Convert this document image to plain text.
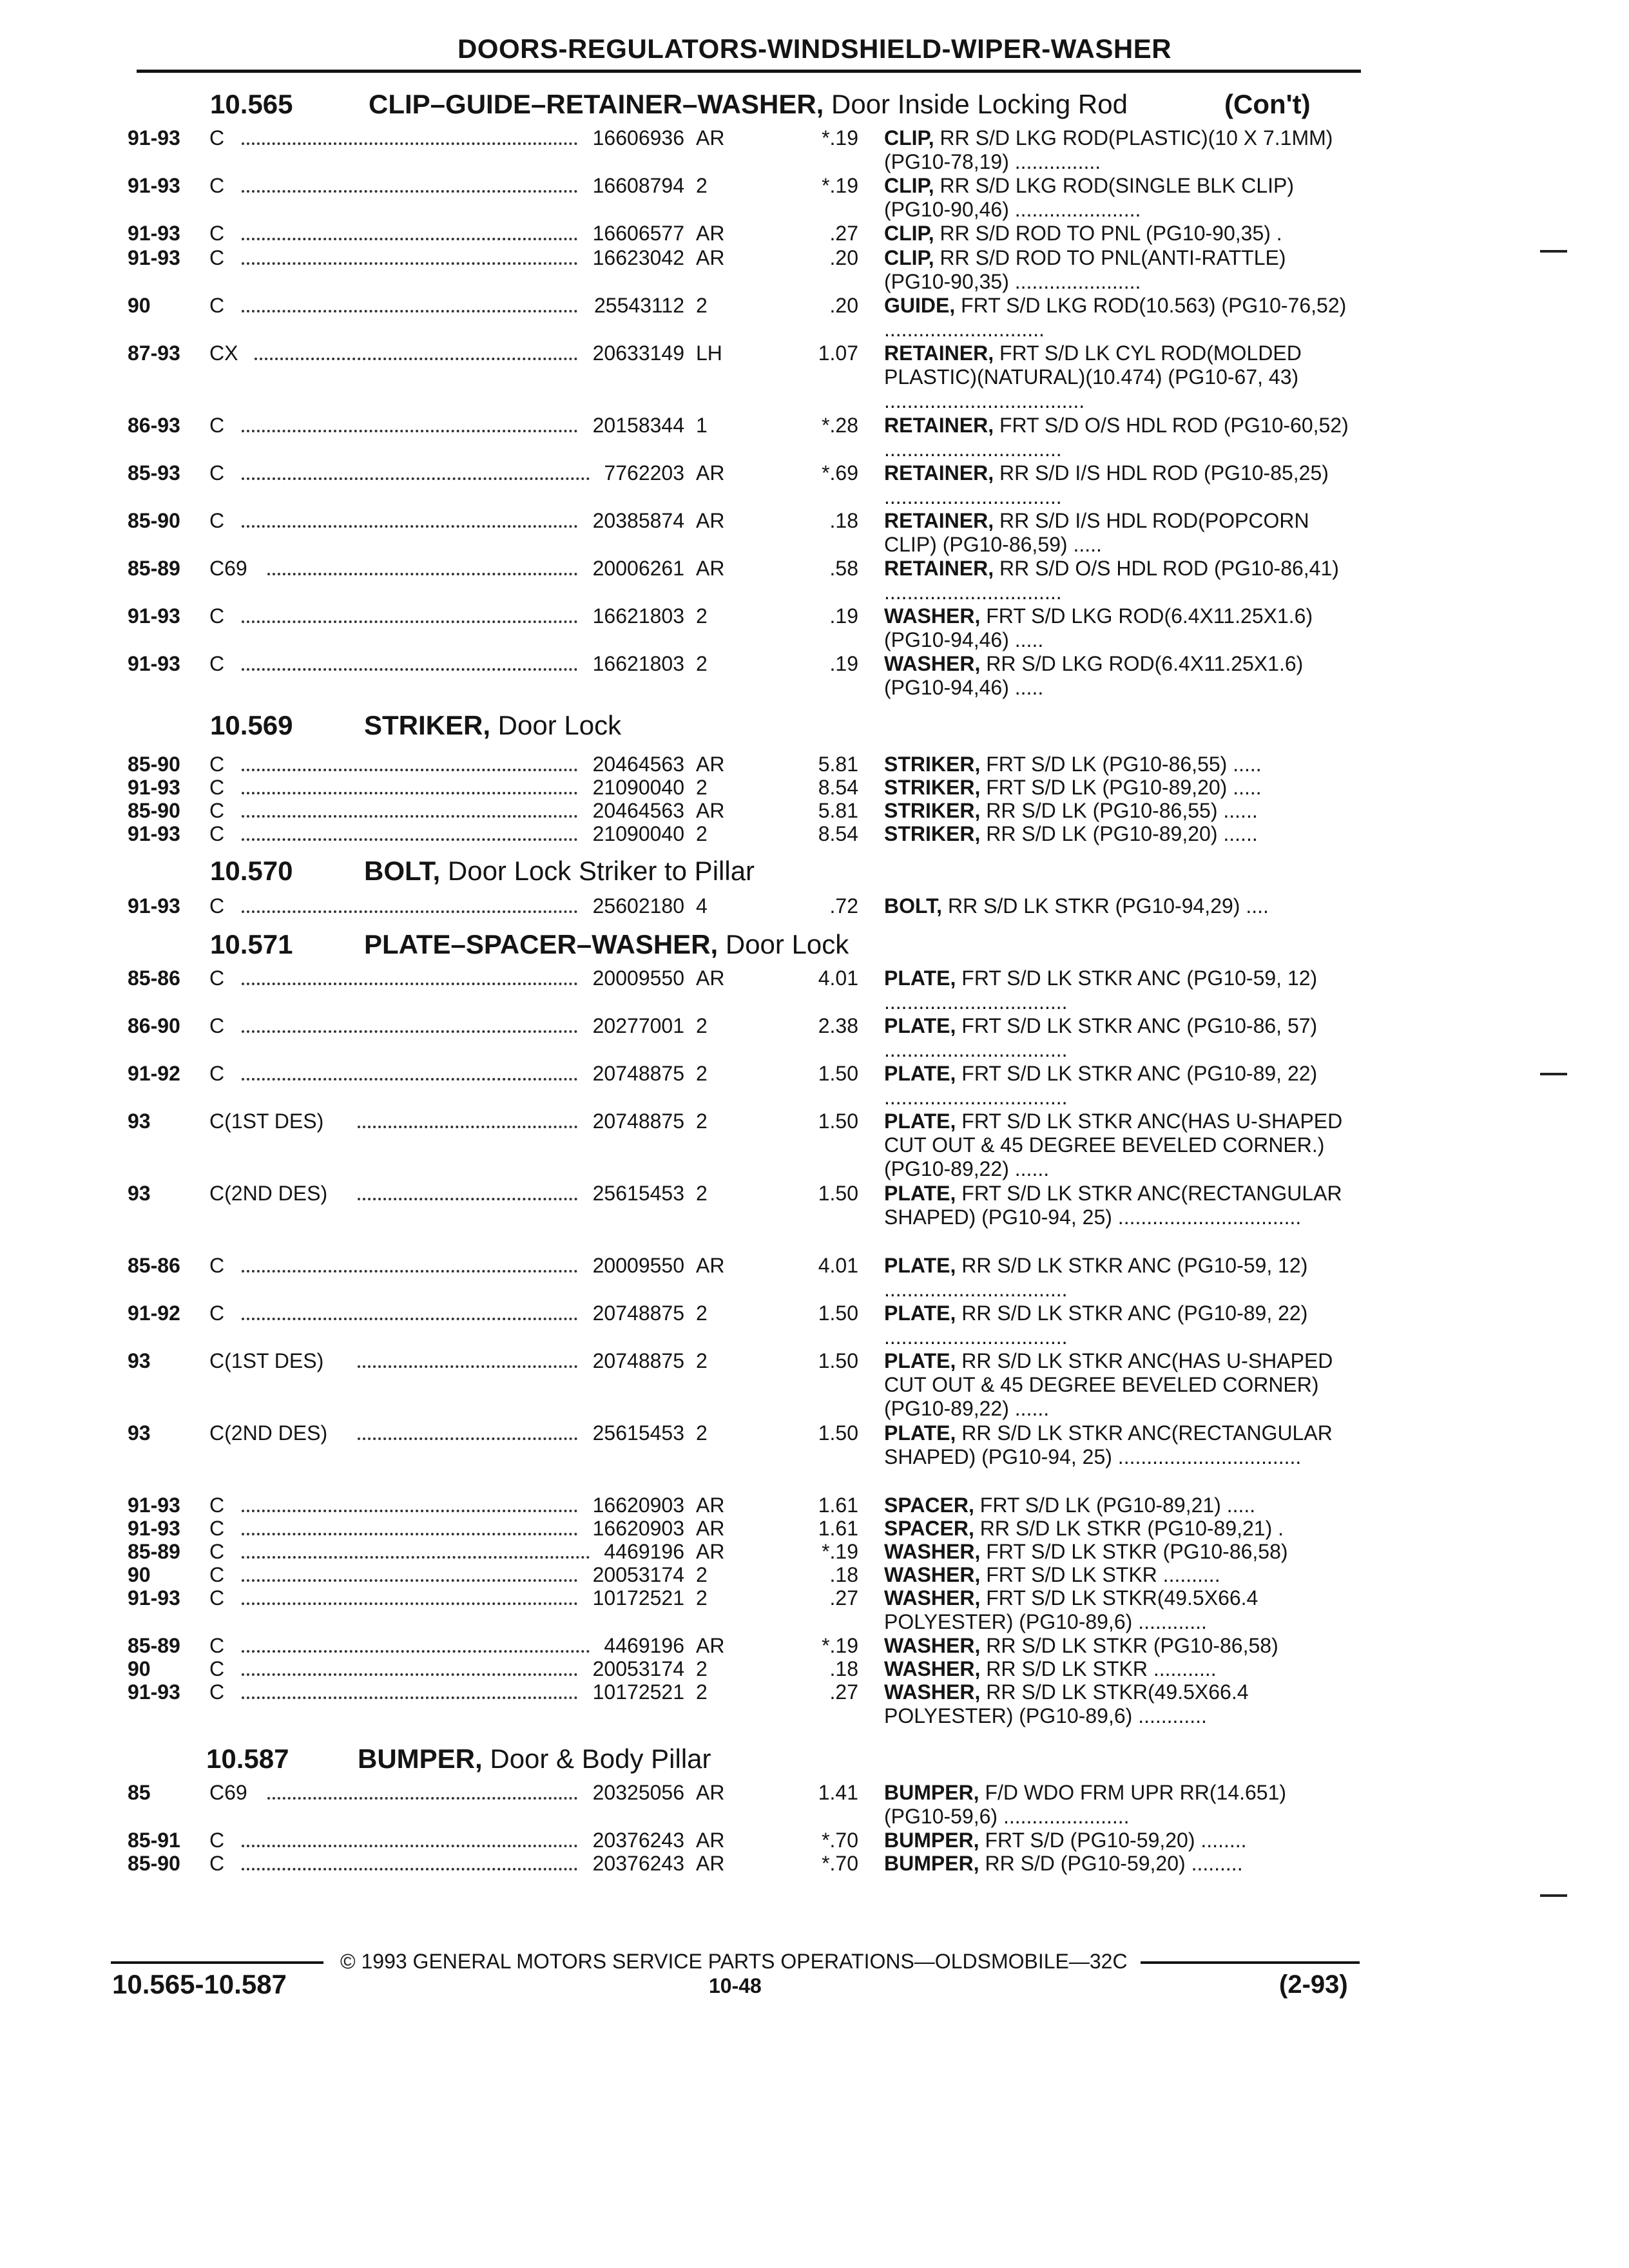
DOORS-REGULATORS-WINDSHIELD-WIPER-WASHER
10.565	CLIP–GUIDE–RETAINER–WASHER, Door Inside Locking Rod	(Con't)
91-93 C	16606936 AR	*.19 CLIP, RR S/D LKG ROD(PLASTIC)(10 X 7.1MM) (PG10-78,19) ...............
91-93 C	16608794 2	*.19 CLIP, RR S/D LKG ROD(SINGLE BLK CLIP) (PG10-90,46) ......................
91-93 C	16606577 AR	.27 CLIP, RR S/D ROD TO PNL (PG10-90,35) .
91-93 C	16623042 AR	.20 CLIP, RR S/D ROD TO PNL(ANTI-RATTLE) (PG10-90,35) ......................
90	C	25543112 2	.20 GUIDE, FRT S/D LKG ROD(10.563) (PG10-76,52) ............................
87-93 CX	20633149 LH	1.07 RETAINER, FRT S/D LK CYL ROD(MOLDED PLASTIC)(NATURAL)(10.474) (PG10-67, 43) ...................................
86-93 C	20158344 1	*.28 RETAINER, FRT S/D O/S HDL ROD (PG10-60,52) ...............................
85-93 C	7762203 AR	*.69 RETAINER, RR S/D I/S HDL ROD (PG10-85,25) ...............................
85-90 C	20385874 AR	.18 RETAINER, RR S/D I/S HDL ROD(POPCORN CLIP) (PG10-86,59) .....
85-89 C69	20006261 AR	.58 RETAINER, RR S/D O/S HDL ROD (PG10-86,41) ...............................
91-93 C	16621803 2	.19 WASHER, FRT S/D LKG ROD(6.4X11.25X1.6) (PG10-94,46) .....
91-93 C	16621803 2	.19 WASHER, RR S/D LKG ROD(6.4X11.25X1.6) (PG10-94,46) .....
10.569	STRIKER, Door Lock
85-90 C	20464563 AR	5.81 STRIKER, FRT S/D LK (PG10-86,55) .....
91-93 C	21090040 2	8.54 STRIKER, FRT S/D LK (PG10-89,20) .....
85-90 C	20464563 AR	5.81 STRIKER, RR S/D LK (PG10-86,55) ......
91-93 C	21090040 2	8.54 STRIKER, RR S/D LK (PG10-89,20) ......
10.570	BOLT, Door Lock Striker to Pillar
91-93 C	25602180 4	.72 BOLT, RR S/D LK STKR (PG10-94,29) ....
10.571	PLATE–SPACER–WASHER, Door Lock
85-86 C	20009550 AR	4.01 PLATE, FRT S/D LK STKR ANC (PG10-59, 12) ................................
86-90 C	20277001 2	2.38 PLATE, FRT S/D LK STKR ANC (PG10-86, 57) ................................
91-92 C	20748875 2	1.50 PLATE, FRT S/D LK STKR ANC (PG10-89, 22) ................................
93	C(1ST DES)	20748875 2	1.50 PLATE, FRT S/D LK STKR ANC(HAS U-SHAPED CUT OUT & 45 DEGREE BEVELED CORNER.) (PG10-89,22) ......
93	C(2ND DES)	25615453 2	1.50 PLATE, FRT S/D LK STKR ANC(RECTANGULAR SHAPED) (PG10-94, 25) ................................
85-86 C	20009550 AR	4.01 PLATE, RR S/D LK STKR ANC (PG10-59, 12) ................................
91-92 C	20748875 2	1.50 PLATE, RR S/D LK STKR ANC (PG10-89, 22) ................................
93	C(1ST DES)	20748875 2	1.50 PLATE, RR S/D LK STKR ANC(HAS U-SHAPED CUT OUT & 45 DEGREE BEVELED CORNER) (PG10-89,22) ......
93	C(2ND DES)	25615453 2	1.50 PLATE, RR S/D LK STKR ANC(RECTANGULAR SHAPED) (PG10-94, 25) ................................
91-93 C	16620903 AR	1.61 SPACER, FRT S/D LK (PG10-89,21) .....
91-93 C	16620903 AR	1.61 SPACER, RR S/D LK STKR (PG10-89,21) .
85-89 C	4469196 AR	*.19 WASHER, FRT S/D LK STKR (PG10-86,58)
90	C	20053174 2	.18 WASHER, FRT S/D LK STKR ..........
91-93 C	10172521 2	.27 WASHER, FRT S/D LK STKR(49.5X66.4 POLYESTER) (PG10-89,6) ............
85-89 C	4469196 AR	*.19 WASHER, RR S/D LK STKR (PG10-86,58)
90	C	20053174 2	.18 WASHER, RR S/D LK STKR ...........
91-93 C	10172521 2	.27 WASHER, RR S/D LK STKR(49.5X66.4 POLYESTER) (PG10-89,6) ............
10.587	BUMPER, Door & Body Pillar
85	C69	20325056 AR	1.41 BUMPER, F/D WDO FRM UPR RR(14.651) (PG10-59,6) ......................
85-91 C	20376243 AR	*.70 BUMPER, FRT S/D (PG10-59,20) ........
85-90 C	20376243 AR	*.70 BUMPER, RR S/D (PG10-59,20) .........
© 1993 GENERAL MOTORS SERVICE PARTS OPERATIONS—OLDSMOBILE—32C
10.565-10.587	10-48	(2-93)
